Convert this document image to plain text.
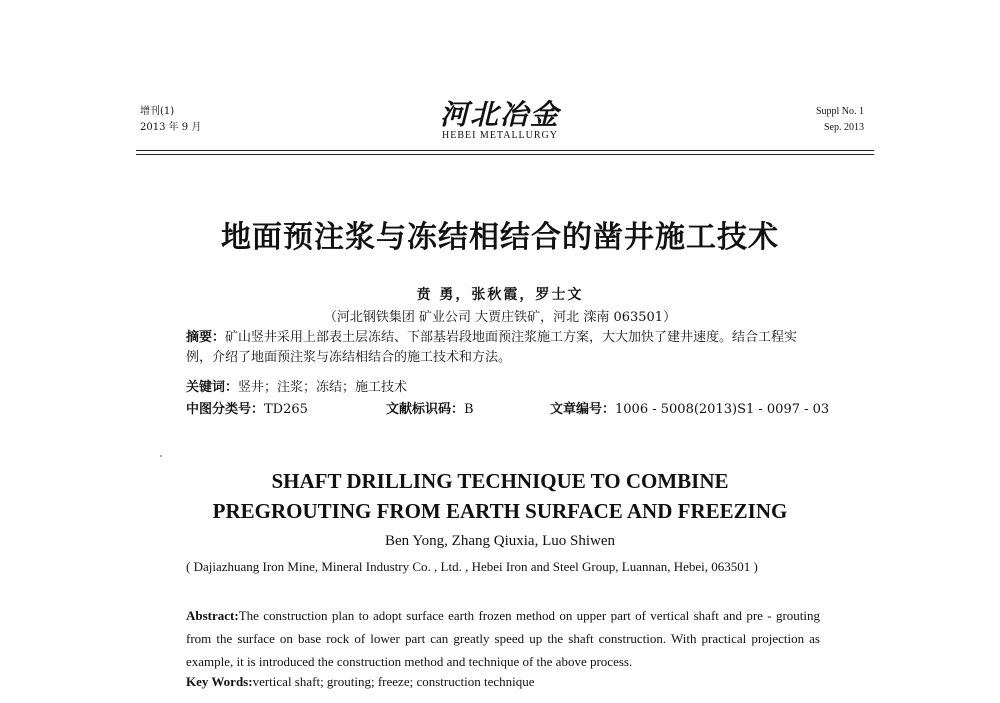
增刊(1)
2013 年 9 月	河北冶金
HEBEI METALLURGY
Suppl No. 1
Sep. 2013
地面预注浆与冻结相结合的凿井施工技术
贲 勇，张秋霞，罗士文
（河北钢铁集团 矿业公司 大贾庄铁矿，河北 滦南 063501）
摘要：矿山竖井采用上部表土层冻结、下部基岩段地面预注浆施工方案，大大加快了建井速度。结合工程实例，介绍了地面预注浆与冻结相结合的施工技术和方法。
关键词：竖井；注浆；冻结；施工技术
中图分类号：TD265	文献标识码：B	文章编号：1006 - 5008(2013)S1 - 0097 - 03
SHAFT DRILLING TECHNIQUE TO COMBINE
PREGROUTING FROM EARTH SURFACE AND FREEZING
Ben Yong, Zhang Qiuxia, Luo Shiwen
( Dajiazhuang Iron Mine, Mineral Industry Co. , Ltd. , Hebei Iron and Steel Group, Luannan, Hebei, 063501 )
Abstract:The construction plan to adopt surface earth frozen method on upper part of vertical shaft and pre - grouting from the surface on base rock of lower part can greatly speed up the shaft construction. With practical projection as example, it is introduced the construction method and technique of the above process.
Key Words:vertical shaft; grouting; freeze; construction technique
